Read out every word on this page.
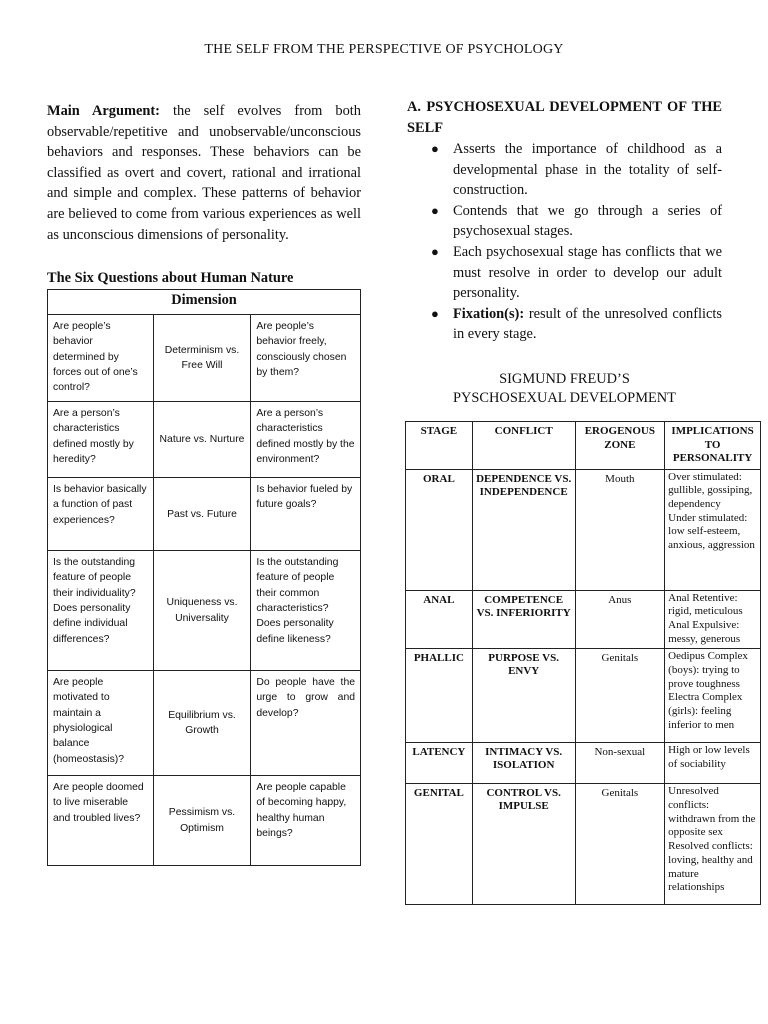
THE SELF FROM THE PERSPECTIVE OF PSYCHOLOGY

Main Argument: the self evolves from both observable/repetitive and unobservable/unconscious behaviors and responses. These behaviors can be classified as overt and covert, rational and irrational and simple and complex. These patterns of behavior are believed to come from various experiences as well as unconscious dimensions of personality.

The Six Questions about Human Nature
Dimension		
Are people’s behavior determined by forces out of one’s control?	Determinism vs. Free Will	Are people’s behavior freely, consciously chosen by them?
Are a person’s characteristics defined mostly by heredity?	Nature vs. Nurture	Are a person’s characteristics defined mostly by the environment?
Is behavior basically a function of past experiences?	Past vs. Future	Is behavior fueled by future goals?
Is the outstanding feature of people their individuality? Does personality define individual differences?	Uniqueness vs. Universality	Is the outstanding feature of people their common characteristics? Does personality define likeness?
Are people motivated to maintain a physiological balance (homeostasis)?	Equilibrium vs. Growth	Do people have the urge to grow and develop?
Are people doomed to live miserable and troubled lives?	Pessimism vs. Optimism	Are people capable of becoming happy, healthy human beings?

A. PSYCHOSEXUAL DEVELOPMENT OF THE SELF

● Asserts the importance of childhood as a developmental phase in the totality of self-construction.
● Contends that we go through a series of psychosexual stages.
● Each psychosexual stage has conflicts that we must resolve in order to develop our adult personality.
● Fixation(s): result of the unresolved conflicts in every stage.
SIGMUND FREUD’S
PYSCHOSEXUAL DEVELOPMENT
STAGE	CONFLICT	EROGENOUS ZONE	IMPLICATIONS TO PERSONALITY
ORAL	DEPENDENCE VS. INDEPENDENCE	Mouth	Over stimulated: gullible, gossiping, dependency
Under stimulated: low self-esteem, anxious, aggression

ANAL	COMPETENCE VS. INFERIORITY	Anus	Anal Retentive: rigid, meticulous
Anal Expulsive: messy, generous

PHALLIC	PURPOSE VS. ENVY	Genitals	Oedipus Complex (boys): trying to prove toughness
Electra Complex (girls): feeling inferior to men

LATENCY	INTIMACY VS. ISOLATION	Non-sexual	High or low levels of sociability

GENITAL	CONTROL VS. IMPULSE	Genitals	Unresolved conflicts: withdrawn from the opposite sex
Resolved conflicts: loving, healthy and mature relationships
